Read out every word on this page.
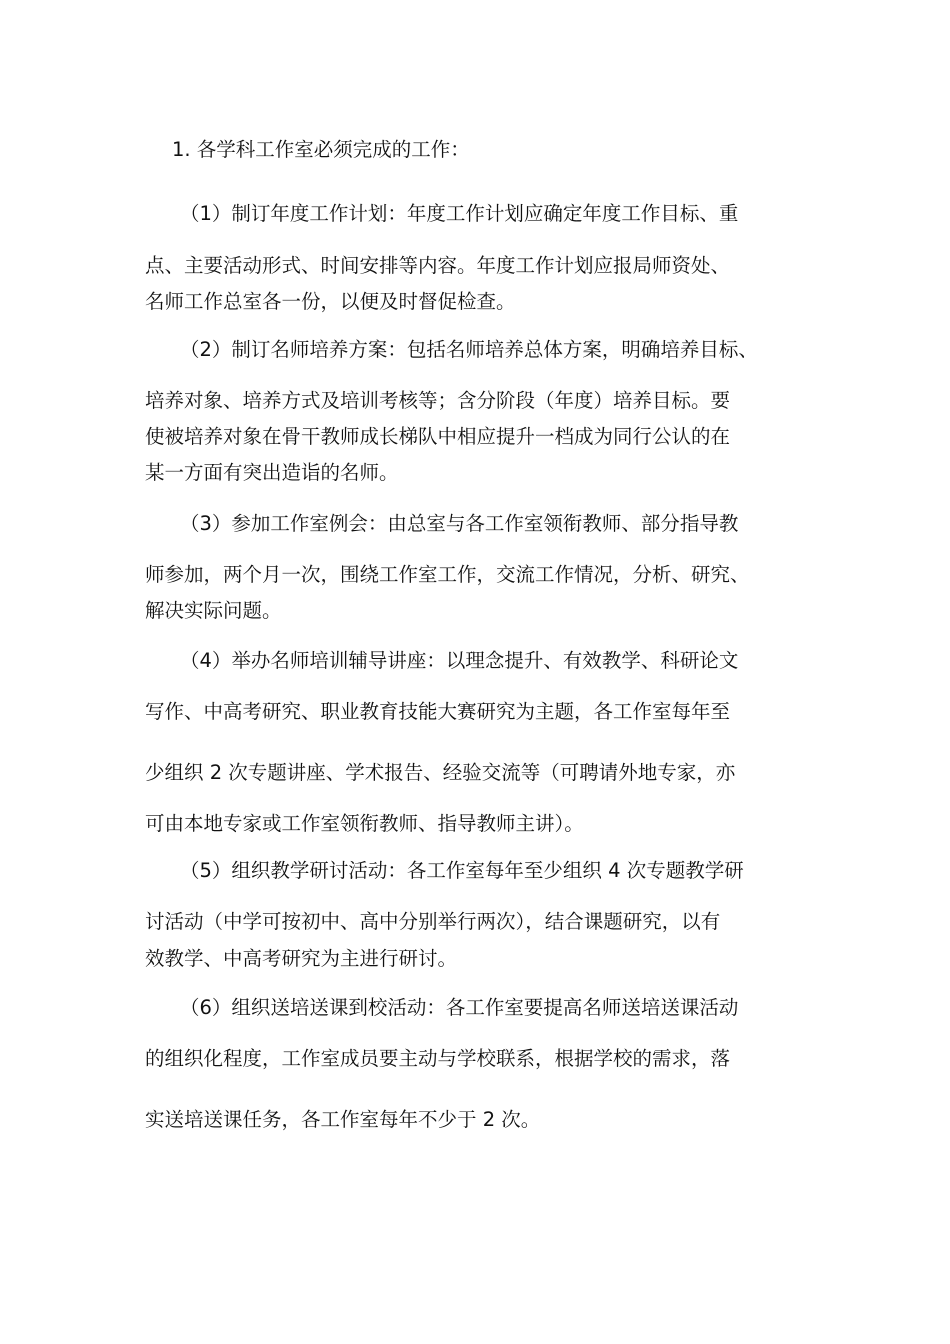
1. 各学科工作室必须完成的工作：

（1）制订年度工作计划：年度工作计划应确定年度工作目标、重

点、主要活动形式、时间安排等内容。年度工作计划应报局师资处、

名师工作总室各一份，以便及时督促检查。

（2）制订名师培养方案：包括名师培养总体方案，明确培养目标、

培养对象、培养方式及培训考核等；含分阶段（年度）培养目标。要

使被培养对象在骨干教师成长梯队中相应提升一档成为同行公认的在

某一方面有突出造诣的名师。

（3）参加工作室例会：由总室与各工作室领衔教师、部分指导教

师参加，两个月一次，围绕工作室工作，交流工作情况，分析、研究、

解决实际问题。

（4）举办名师培训辅导讲座：以理念提升、有效教学、科研论文

写作、中高考研究、职业教育技能大赛研究为主题，各工作室每年至

少组织 2 次专题讲座、学术报告、经验交流等（可聘请外地专家，亦

可由本地专家或工作室领衔教师、指导教师主讲）。

（5）组织教学研讨活动：各工作室每年至少组织 4 次专题教学研

讨活动（中学可按初中、高中分别举行两次），结合课题研究，以有

效教学、中高考研究为主进行研讨。

（6）组织送培送课到校活动：各工作室要提高名师送培送课活动

的组织化程度，工作室成员要主动与学校联系，根据学校的需求，落

实送培送课任务，各工作室每年不少于 2 次。
